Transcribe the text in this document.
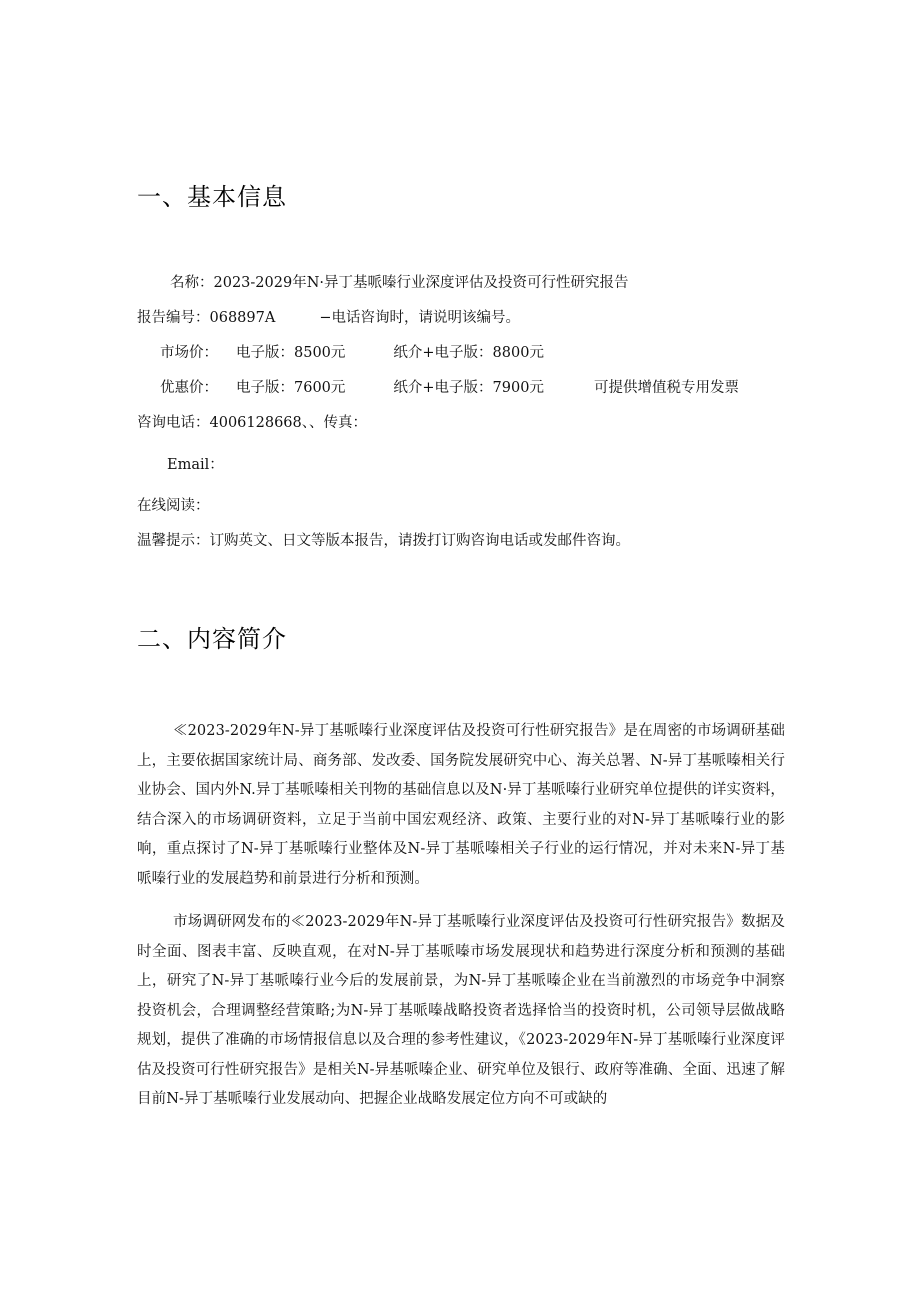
一、基本信息

名称：2023-2029年N·异丁基哌嗪行业深度评估及投资可行性研究报告

报告编号：068897A	−电话咨询时，请说明该编号。

市场价： 电子版：8500元	纸介+电子版：8800元

优惠价： 电子版：7600元	纸介+电子版：7900元	可提供增值税专用发票

咨询电话：4006128668、、传真：

Email：

在线阅读：

温馨提示：订购英文、日文等版本报告，请拨打订购咨询电话或发邮件咨询。

二、内容简介

≪2023-2029年N-异丁基哌嗪行业深度评估及投资可行性研究报告》是在周密的市场调研基础上，主要依据国家统计局、商务部、发改委、国务院发展研究中心、海关总署、N-异丁基哌嗪相关行业协会、国内外N.异丁基哌嗪相关刊物的基础信息以及N·异丁基哌嗪行业研究单位提供的详实资料，结合深入的市场调研资料，立足于当前中国宏观经济、政策、主要行业的对N-异丁基哌嗪行业的影响，重点探讨了N-异丁基哌嗪行业整体及N-异丁基哌嗪相关子行业的运行情况，并对未来N-异丁基哌嗪行业的发展趋势和前景进行分析和预测。

市场调研网发布的≪2023-2029年N-异丁基哌嗪行业深度评估及投资可行性研究报告》数据及时全面、图表丰富、反映直观，在对N-异丁基哌嗪市场发展现状和趋势进行深度分析和预测的基础上，研究了N-异丁基哌嗪行业今后的发展前景，为N-异丁基哌嗪企业在当前激烈的市场竞争中洞察投资机会，合理调整经营策略;为N-异丁基哌嗪战略投资者选择恰当的投资时机，公司领导层做战略规划，提供了准确的市场情报信息以及合理的参考性建议，《2023-2029年N-异丁基哌嗪行业深度评估及投资可行性研究报告》是相关N-异基哌嗪企业、研究单位及银行、政府等准确、全面、迅速了解目前N-异丁基哌嗪行业发展动向、把握企业战略发展定位方向不可或缺的
